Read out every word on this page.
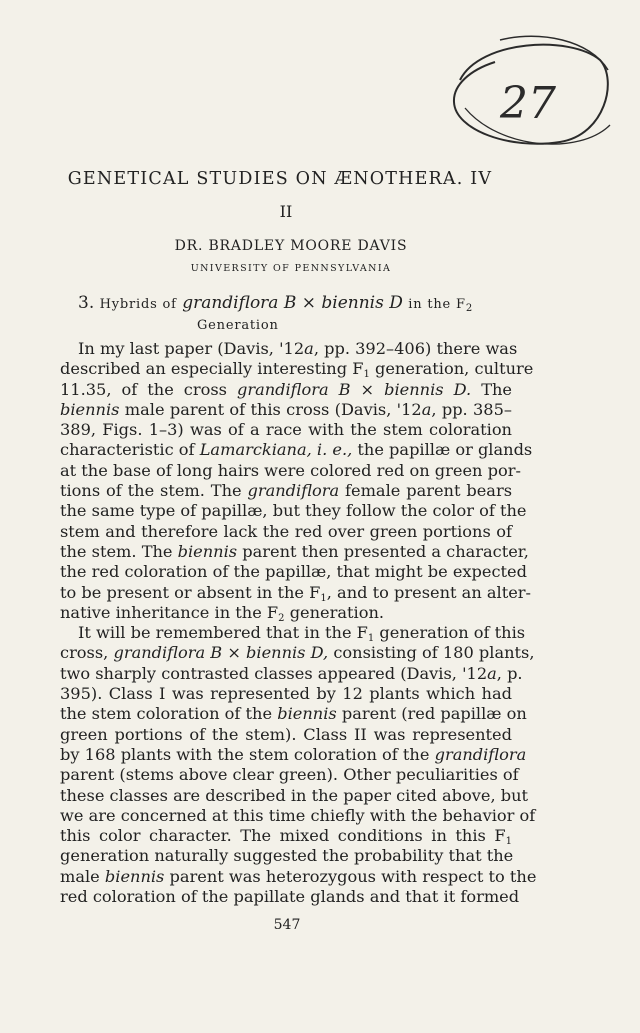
27
GENETICAL STUDIES ON ÆNOTHERA. IV
II
DR. BRADLEY MOORE DAVIS
UNIVERSITY OF PENNSYLVANIA
3. Hybrids of grandiflora B × biennis D in the $F_2$
Generation
In my last paper (Davis, '12a, pp. 392–406) there was
described an especially interesting $F_1$ generation, culture
11.35, of the cross grandiflora B × biennis D. The
biennis male parent of this cross (Davis, '12a, pp. 385–
389, Figs. 1–3) was of a race with the stem coloration
characteristic of Lamarckiana, i. e., the papillæ or glands
at the base of long hairs were colored red on green por-
tions of the stem. The grandiflora female parent bears
the same type of papillæ, but they follow the color of the
stem and therefore lack the red over green portions of
the stem. The biennis parent then presented a character,
the red coloration of the papillæ, that might be expected
to be present or absent in the $F_1$, and to present an alter-
native inheritance in the $F_2$ generation.
It will be remembered that in the $F_1$ generation of this
cross, grandiflora B × biennis D, consisting of 180 plants,
two sharply contrasted classes appeared (Davis, '12a, p.
395). Class I was represented by 12 plants which had
the stem coloration of the biennis parent (red papillæ on
green portions of the stem). Class II was represented
by 168 plants with the stem coloration of the grandiflora
parent (stems above clear green). Other peculiarities of
these classes are described in the paper cited above, but
we are concerned at this time chiefly with the behavior of
this color character. The mixed conditions in this $F_1$
generation naturally suggested the probability that the
male biennis parent was heterozygous with respect to the
red coloration of the papillate glands and that it formed
547
